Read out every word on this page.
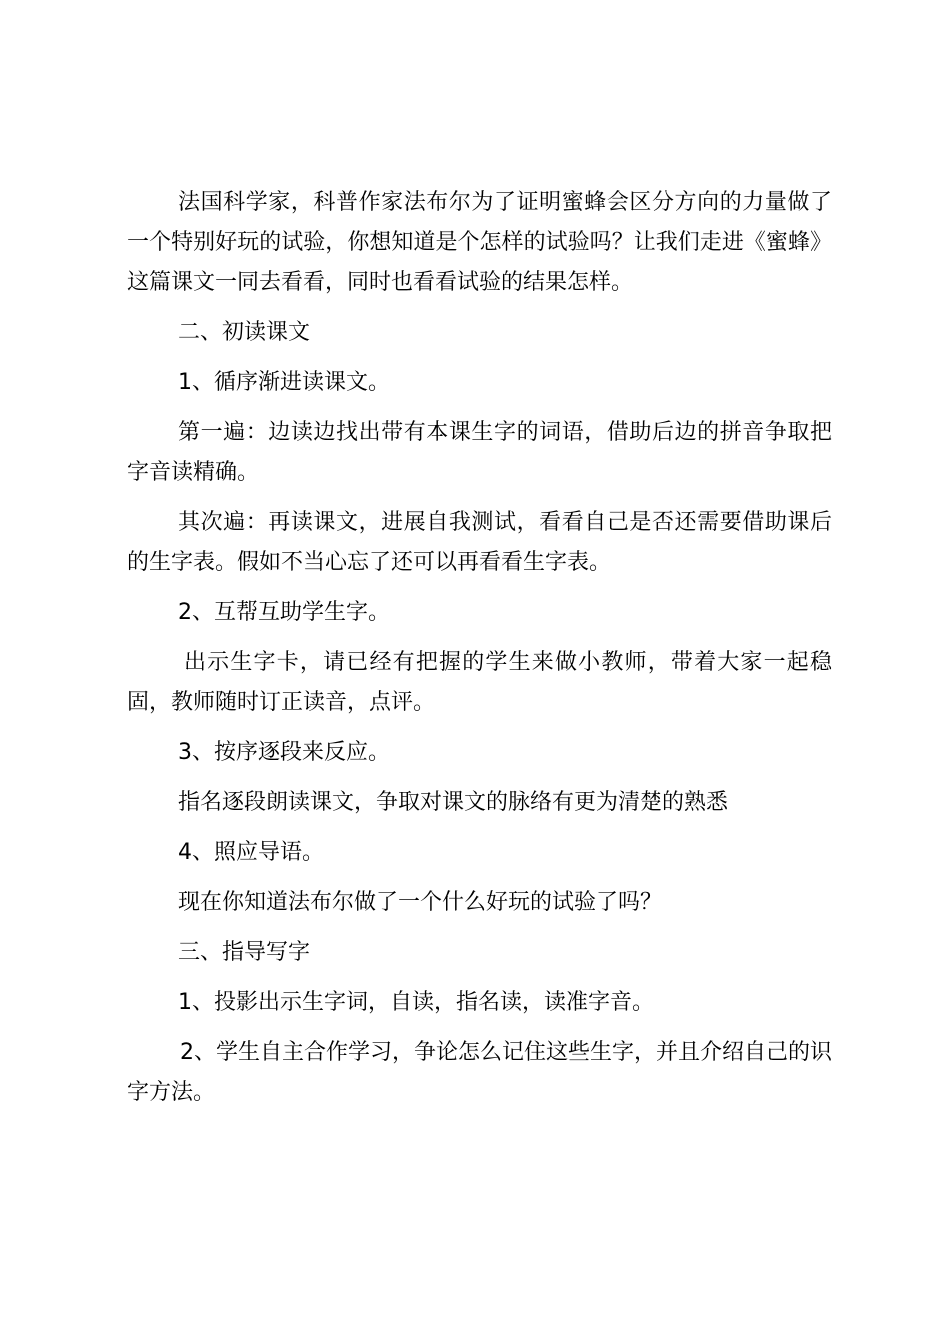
法国科学家，科普作家法布尔为了证明蜜蜂会区分方向的力量做了一个特别好玩的试验，你想知道是个怎样的试验吗？让我们走进《蜜蜂》这篇课文一同去看看，同时也看看试验的结果怎样。

二、初读课文

1、循序渐进读课文。

第一遍：边读边找出带有本课生字的词语，借助后边的拼音争取把字音读精确。

其次遍：再读课文，进展自我测试，看看自己是否还需要借助课后的生字表。假如不当心忘了还可以再看看生字表。

2、互帮互助学生字。

出示生字卡，请已经有把握的学生来做小教师，带着大家一起稳固，教师随时订正读音，点评。

3、按序逐段来反应。

指名逐段朗读课文，争取对课文的脉络有更为清楚的熟悉

4、照应导语。

现在你知道法布尔做了一个什么好玩的试验了吗？

三、指导写字

1、投影出示生字词，自读，指名读，读准字音。

2、学生自主合作学习，争论怎么记住这些生字，并且介绍自己的识字方法。
